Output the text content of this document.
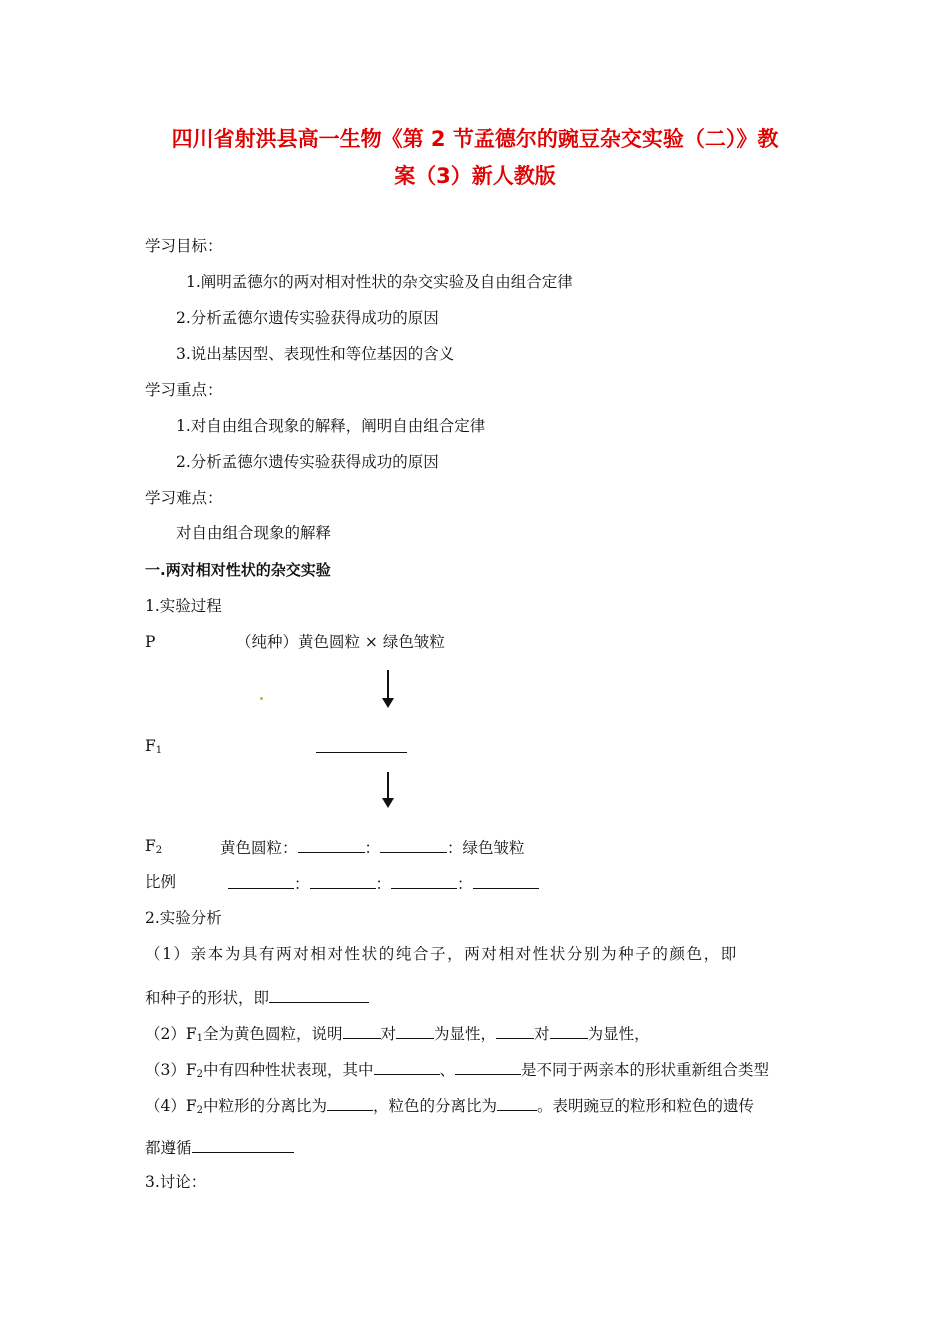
四川省射洪县高一生物《第 2 节孟德尔的豌豆杂交实验（二）》教
案（3）新人教版
学习目标：
1.阐明孟德尔的两对相对性状的杂交实验及自由组合定律
2.分析孟德尔遗传实验获得成功的原因
3.说出基因型、表现性和等位基因的含义
学习重点：
1.对自由组合现象的解释，阐明自由组合定律
2.分析孟德尔遗传实验获得成功的原因
学习难点：
对自由组合现象的解释
一.两对相对性状的杂交实验
1.实验过程
P	（纯种）黄色圆粒 × 绿色皱粒
$F_1$
$F_2$	黄色圆粒：	：	：绿色皱粒
比例	：	：	：
2.实验分析
（1）亲本为具有两对相对性状的纯合子，两对相对性状分别为种子的颜色，即
和种子的形状，即
$(2)F_1$全为黄色圆粒，说明 对 为显性， 对 为显性，
$(3)F_2$中有四种性状表现，其中	、	是不同于两亲本的形状重新组合类型
$(4)F_2$中粒形的分离比为	，粒色的分离比为	。表明豌豆的粒形和粒色的遗传
都遵循
3.讨论：
